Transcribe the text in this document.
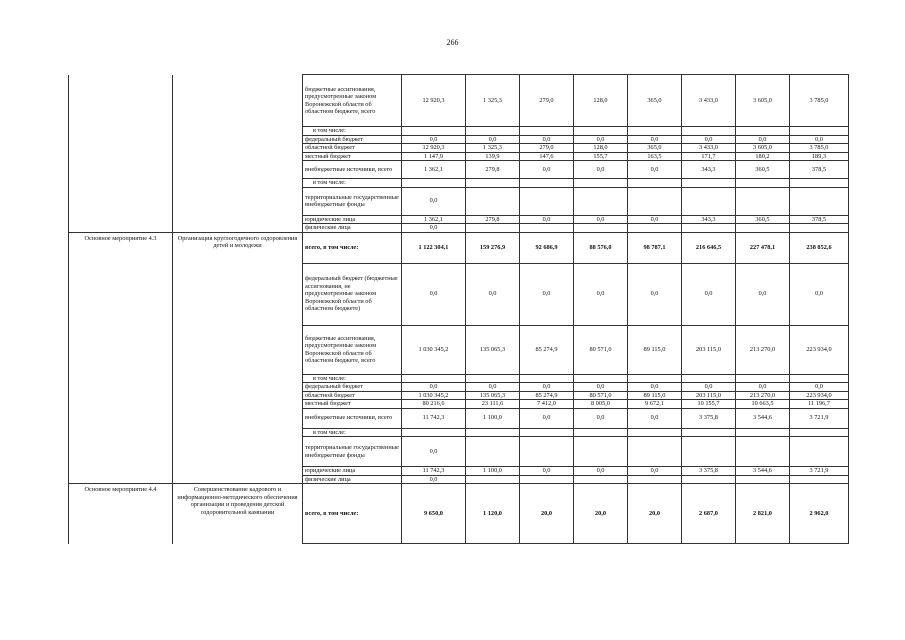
266
		бюджетные ассигнования, предусмотренные законом Воронежской области об областном бюджете, всего	12 920,3	1 325,3	279,0	128,0	365,0	3 433,0	3 605,0	3 785,0
		в том числе:								
		федеральный бюджет	0,0	0,0	0,0	0,0	0,0	0,0	0,0	0,0
		областной бюджет	12 920,3	1 325,3	279,0	128,0	365,0	3 433,0	3 605,0	3 785,0
		местный бюджет	1 147,9	139,9	147,6	155,7	163,5	171,7	180,2	189,3
		внебюджетные источники, всего	1 362,1	279,8	0,0	0,0	0,0	343,3	360,5	378,5
		в том числе:								
		территориальные государственные внебюджетные фонды	0,0							
		юридические лица	1 362,1	279,8	0,0	0,0	0,0	343,3	360,5	378,5
		физические лица	0,0							
Основное мероприятие 4.3	Организация круглогодичного оздоровления детей и молодежи	всего, в том числе:	1 122 304,1	159 276,9	92 686,9	88 576,0	98 787,1	216 646,5	227 478,1	238 852,6
		федеральный бюджет (бюджетные ассигнования, не предусмотренные законом Воронежской области об областном бюджете)	0,0	0,0	0,0	0,0	0,0	0,0	0,0	0,0
		бюджетные ассигнования, предусмотренные законом Воронежской области об областном бюджете, всего	1 030 345,2	135 065,3	85 274,9	80 571,0	89 115,0	203 115,0	213 270,0	223 934,0
		в том числе:								
		федеральный бюджет	0,0	0,0	0,0	0,0	0,0	0,0	0,0	0,0
		областной бюджет	1 030 345,2	135 065,3	85 274,9	80 571,0	89 115,0	203 115,0	213 270,0	223 934,0
		местный бюджет	80 216,6	23 111,6	7 412,0	8 005,0	9 672,1	10 155,7	10 663,5	11 196,7
		внебюджетные источники, всего	11 742,3	1 100,0	0,0	0,0	0,0	3 375,8	3 544,6	3 721,9
		в том числе:								
		территориальные государственные внебюджетные фонды	0,0							
		юридические лица	11 742,3	1 100,0	0,0	0,0	0,0	3 375,8	3 544,6	3 721,9
		физические лица	0,0							
Основное мероприятие 4.4	Совершенствование кадрового и информационно-методического обеспечения организации и проведения детской оздоровительной кампании	всего, в том числе:	9 650,0	1 120,0	20,0	20,0	20,0	2 687,0	2 821,0	2 962,0
